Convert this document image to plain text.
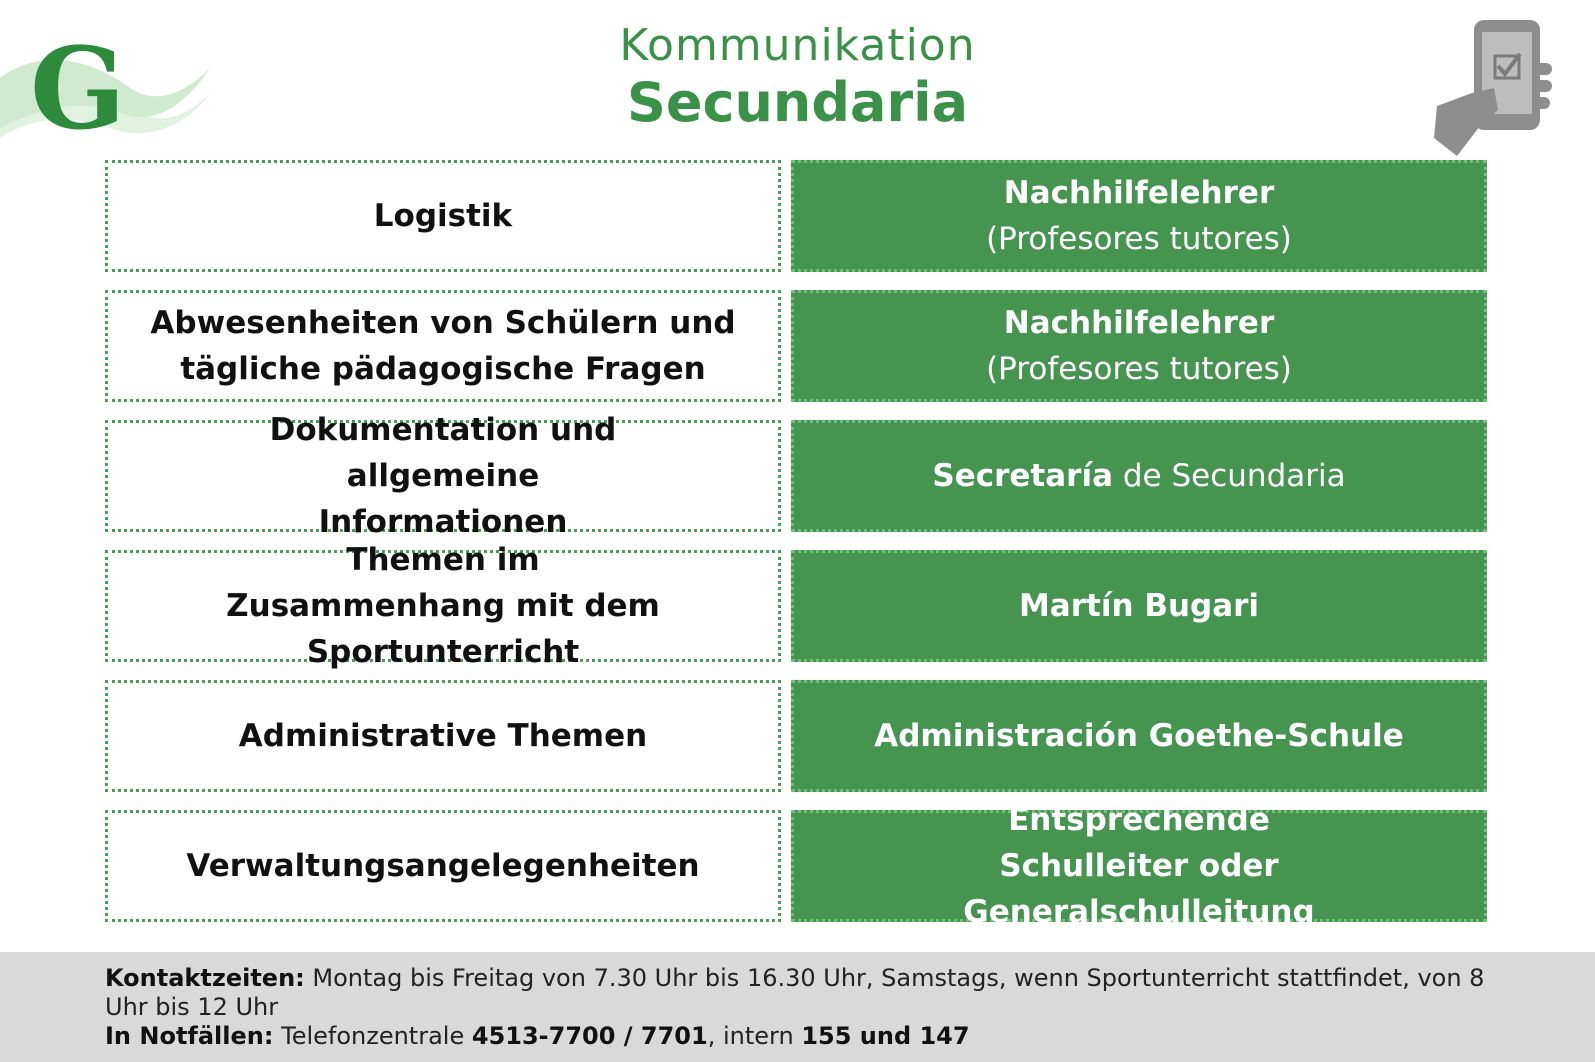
G	Kommunikation
Secundaria
Logistik
Nachhilfelehrer
(Profesores tutores)
Abwesenheiten von Schülern und tägliche pädagogische Fragen
Nachhilfelehrer
(Profesores tutores)
Dokumentation und allgemeine Informationen
Secretaría de Secundaria
Themen im Zusammenhang mit dem Sportunterricht
Martín Bugari
Administrative Themen	Administración Goethe-Schule
Verwaltungsangelegenheiten
Entsprechende Schulleiter oder Generalschulleitung
Kontaktzeiten: Montag bis Freitag von 7.30 Uhr bis 16.30 Uhr, Samstags, wenn Sportunterricht stattfindet, von 8 Uhr bis 12 Uhr
In Notfällen: Telefonzentrale 4513-7700 / 7701, intern 155 und 147
